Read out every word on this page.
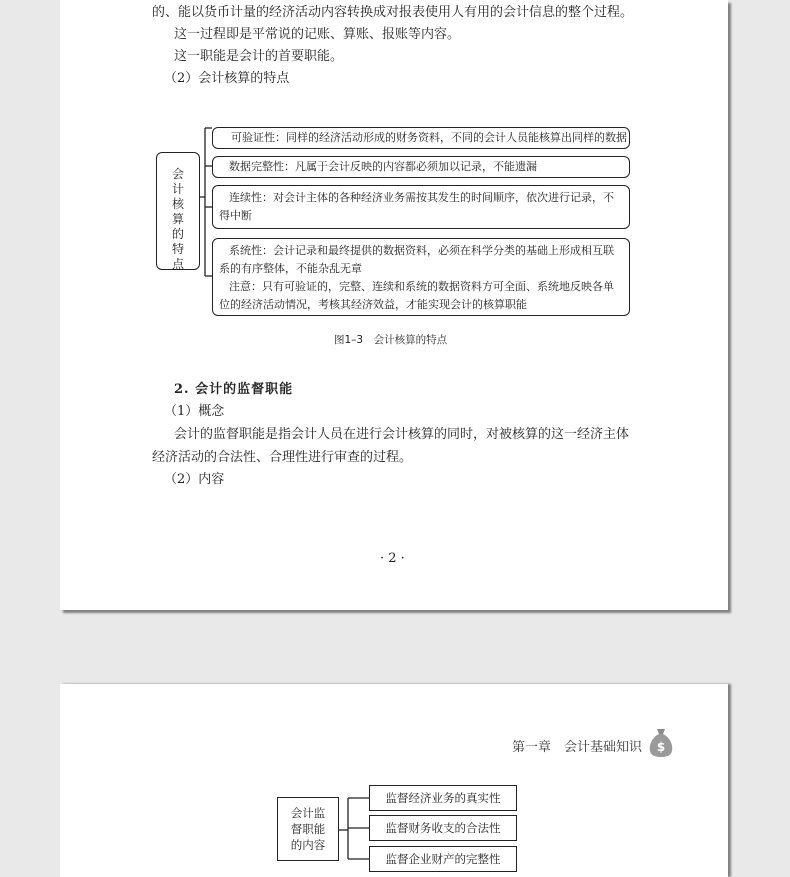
的、能以货币计量的经济活动内容转换成对报表使用人有用的会计信息的整个过程。
这一过程即是平常说的记账、算账、报账等内容。
这一职能是会计的首要职能。
（2）会计核算的特点
会
计
核
算
的
特
点
可验证性：同样的经济活动形成的财务资料，不同的会计人员能核算出同样的数据
数据完整性：凡属于会计反映的内容都必须加以记录，不能遗漏
连续性：对会计主体的各种经济业务需按其发生的时间顺序，依次进行记录，不
得中断
系统性：会计记录和最终提供的数据资料，必须在科学分类的基础上形成相互联
系的有序整体，不能杂乱无章
注意：只有可验证的，完整、连续和系统的数据资料方可全面、系统地反映各单
位的经济活动情况，考核其经济效益，才能实现会计的核算职能
图1–3　会计核算的特点
2. 会计的监督职能
（1）概念
会计的监督职能是指会计人员在进行会计核算的同时，对被核算的这一经济主体
经济活动的合法性、合理性进行审查的过程。
（2）内容
· 2 ·
第一章　会计基础知识 $
会计监
督职能
的内容
监督经济业务的真实性
监督财务收支的合法性
监督企业财产的完整性
